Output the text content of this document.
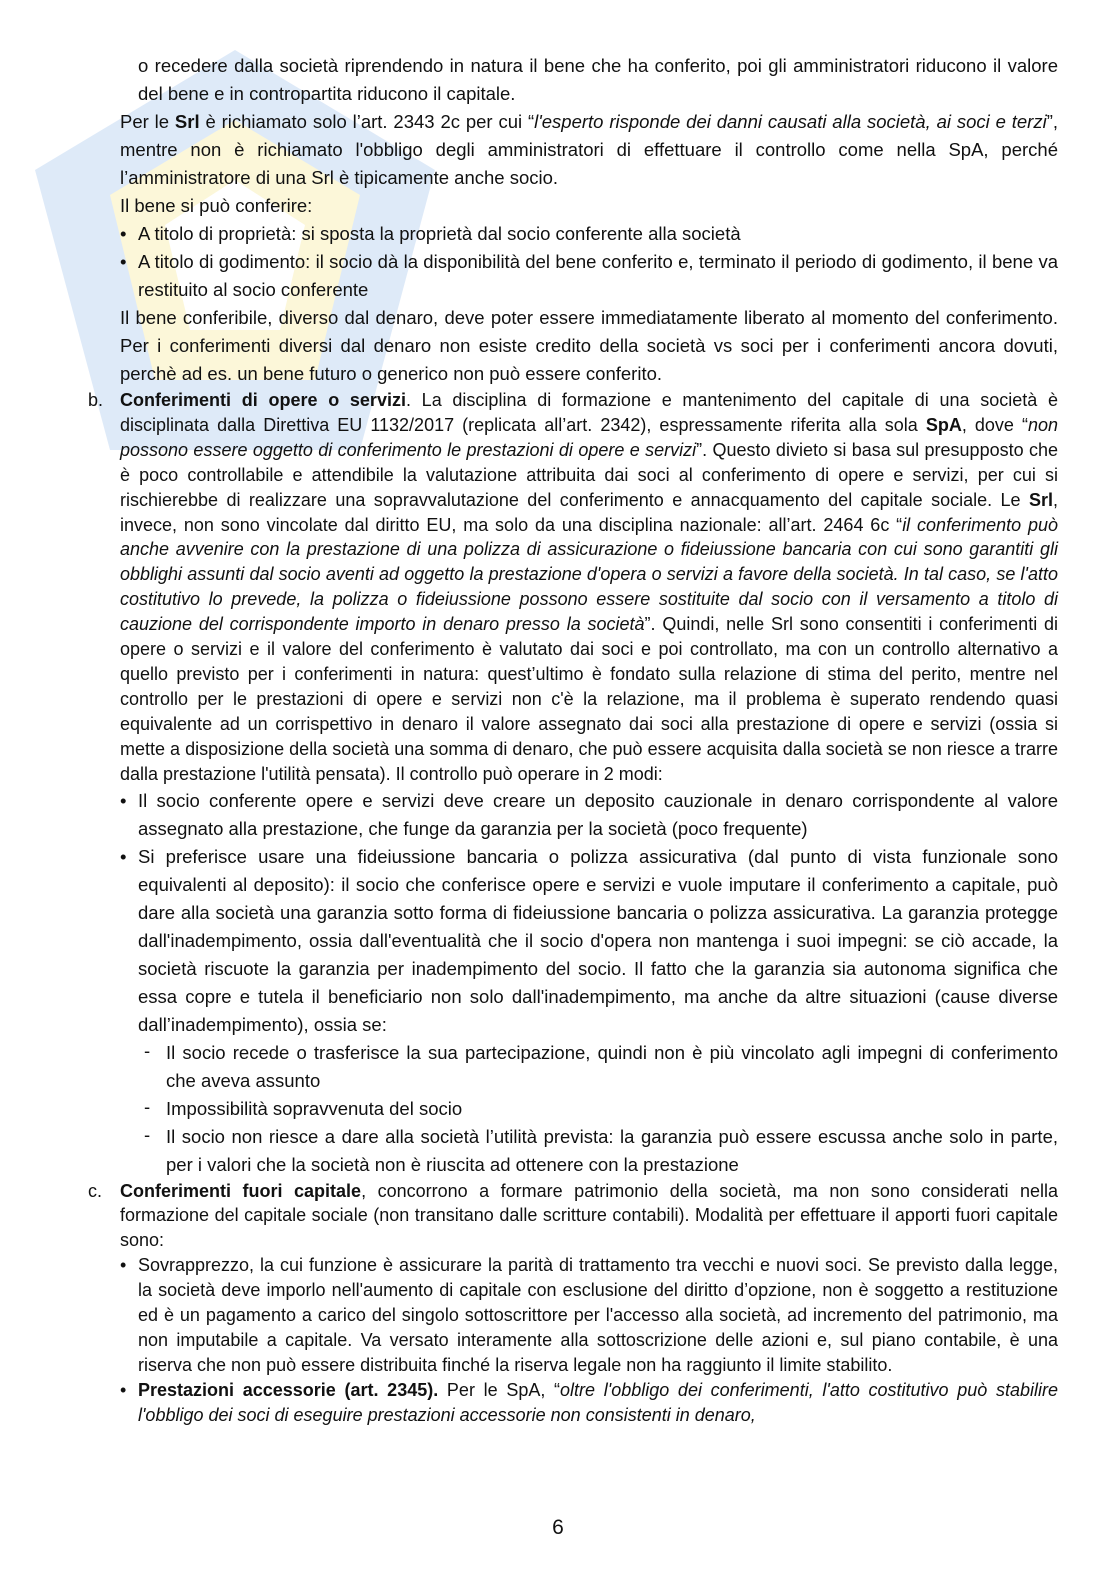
o recedere dalla società riprendendo in natura il bene che ha conferito, poi gli amministratori riducono il valore del bene e in contropartita riducono il capitale.

Per le Srl è richiamato solo l’art. 2343 2c per cui “l'esperto risponde dei danni causati alla società, ai soci e terzi”, mentre non è richiamato l'obbligo degli amministratori di effettuare il controllo come nella SpA, perché l’amministratore di una Srl è tipicamente anche socio.

Il bene si può conferire:

• A titolo di proprietà: si sposta la proprietà dal socio conferente alla società

• A titolo di godimento: il socio dà la disponibilità del bene conferito e, terminato il periodo di godimento, il bene va restituito al socio conferente

Il bene conferibile, diverso dal denaro, deve poter essere immediatamente liberato al momento del conferimento. Per i conferimenti diversi dal denaro non esiste credito della società vs soci per i conferimenti ancora dovuti, perchè ad es. un bene futuro o generico non può essere conferito.

b. Conferimenti di opere o servizi. La disciplina di formazione e mantenimento del capitale di una società è disciplinata dalla Direttiva EU 1132/2017 (replicata all’art. 2342), espressamente riferita alla sola SpA, dove “non possono essere oggetto di conferimento le prestazioni di opere e servizi”. Questo divieto si basa sul presupposto che è poco controllabile e attendibile la valutazione attribuita dai soci al conferimento di opere e servizi, per cui si rischierebbe di realizzare una sopravvalutazione del conferimento e annacquamento del capitale sociale. Le Srl, invece, non sono vincolate dal diritto EU, ma solo da una disciplina nazionale: all’art. 2464 6c “il conferimento può anche avvenire con la prestazione di una polizza di assicurazione o fideiussione bancaria con cui sono garantiti gli obblighi assunti dal socio aventi ad oggetto la prestazione d'opera o servizi a favore della società. In tal caso, se l'atto costitutivo lo prevede, la polizza o fideiussione possono essere sostituite dal socio con il versamento a titolo di cauzione del corrispondente importo in denaro presso la società”. Quindi, nelle Srl sono consentiti i conferimenti di opere o servizi e il valore del conferimento è valutato dai soci e poi controllato, ma con un controllo alternativo a quello previsto per i conferimenti in natura: quest’ultimo è fondato sulla relazione di stima del perito, mentre nel controllo per le prestazioni di opere e servizi non c'è la relazione, ma il problema è superato rendendo quasi equivalente ad un corrispettivo in denaro il valore assegnato dai soci alla prestazione di opere e servizi (ossia si mette a disposizione della società una somma di denaro, che può essere acquisita dalla società se non riesce a trarre dalla prestazione l'utilità pensata). Il controllo può operare in 2 modi:

• Il socio conferente opere e servizi deve creare un deposito cauzionale in denaro corrispondente al valore assegnato alla prestazione, che funge da garanzia per la società (poco frequente)

• Si preferisce usare una fideiussione bancaria o polizza assicurativa (dal punto di vista funzionale sono equivalenti al deposito): il socio che conferisce opere e servizi e vuole imputare il conferimento a capitale, può dare alla società una garanzia sotto forma di fideiussione bancaria o polizza assicurativa. La garanzia protegge dall'inadempimento, ossia dall'eventualità che il socio d'opera non mantenga i suoi impegni: se ciò accade, la società riscuote la garanzia per inadempimento del socio. Il fatto che la garanzia sia autonoma significa che essa copre e tutela il beneficiario non solo dall'inadempimento, ma anche da altre situazioni (cause diverse dall’inadempimento), ossia se:

- Il socio recede o trasferisce la sua partecipazione, quindi non è più vincolato agli impegni di conferimento che aveva assunto

- Impossibilità sopravvenuta del socio

- Il socio non riesce a dare alla società l’utilità prevista: la garanzia può essere escussa anche solo in parte, per i valori che la società non è riuscita ad ottenere con la prestazione

c. Conferimenti fuori capitale, concorrono a formare patrimonio della società, ma non sono considerati nella formazione del capitale sociale (non transitano dalle scritture contabili). Modalità per effettuare il apporti fuori capitale sono:

• Sovrapprezzo, la cui funzione è assicurare la parità di trattamento tra vecchi e nuovi soci. Se previsto dalla legge, la società deve imporlo nell'aumento di capitale con esclusione del diritto d’opzione, non è soggetto a restituzione ed è un pagamento a carico del singolo sottoscrittore per l'accesso alla società, ad incremento del patrimonio, ma non imputabile a capitale. Va versato interamente alla sottoscrizione delle azioni e, sul piano contabile, è una riserva che non può essere distribuita finché la riserva legale non ha raggiunto il limite stabilito.

• Prestazioni accessorie (art. 2345). Per le SpA, “oltre l'obbligo dei conferimenti, l'atto costitutivo può stabilire l'obbligo dei soci di eseguire prestazioni accessorie non consistenti in denaro,

6
